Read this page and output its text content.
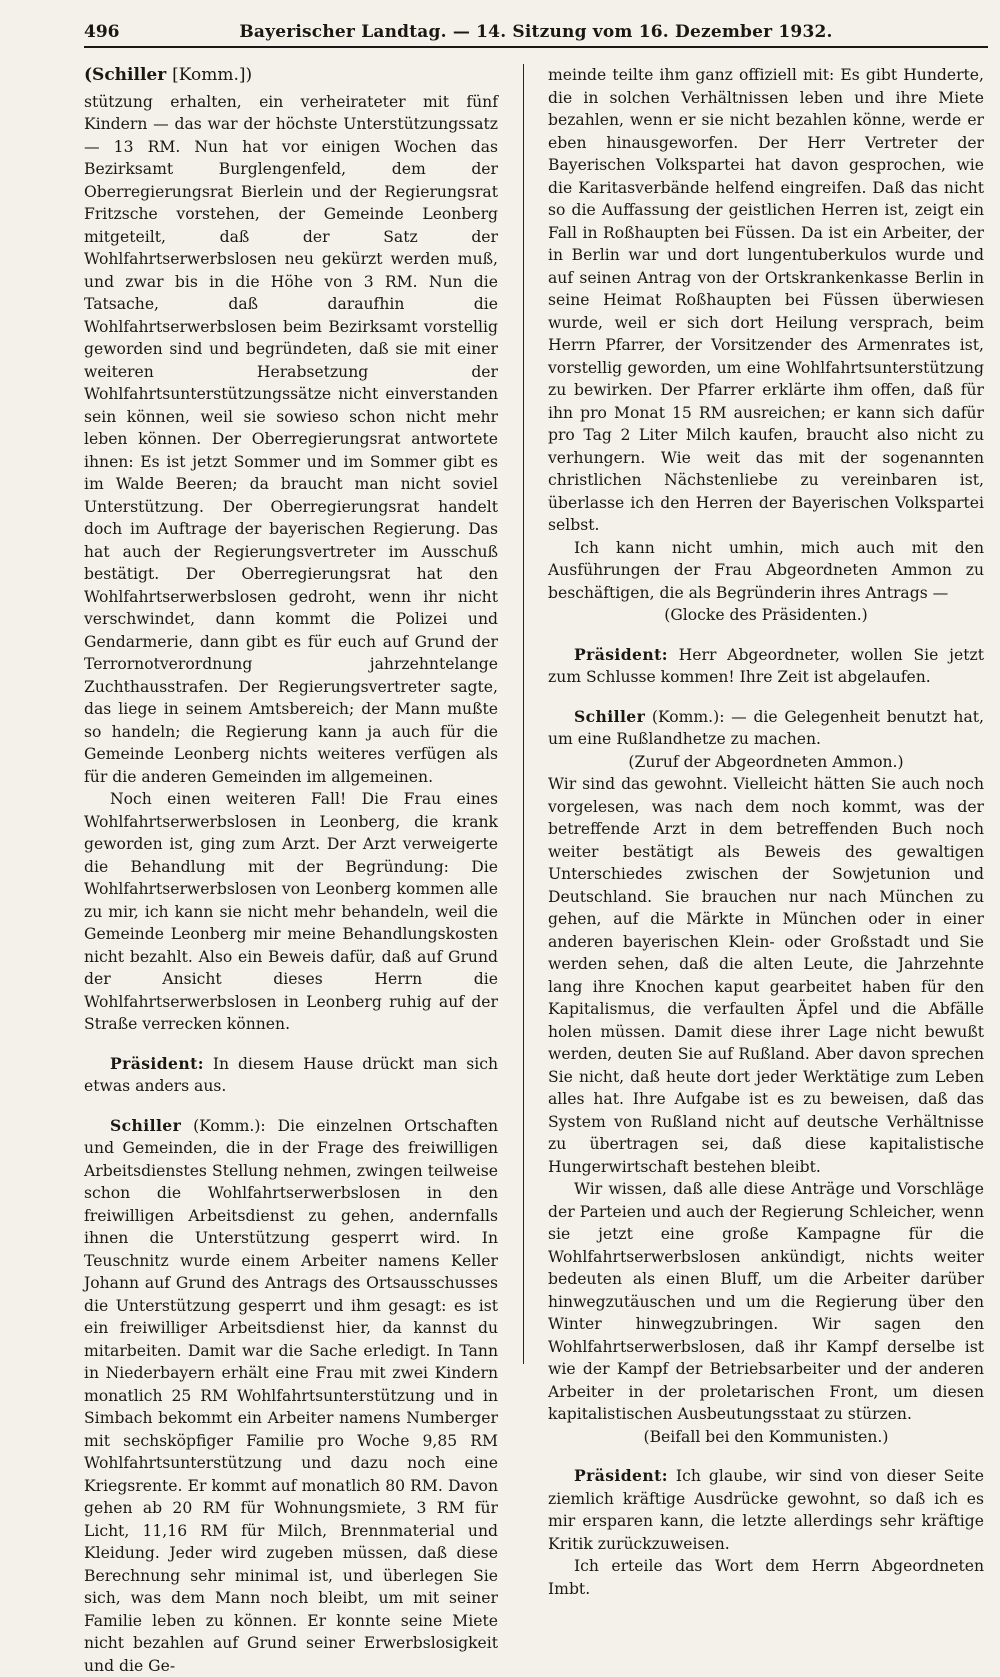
496	Bayerischer Landtag. — 14. Sitzung vom 16. Dezember 1932.
(Schiller [Komm.])

stützung erhalten, ein verheirateter mit fünf Kindern — das war der höchste Unterstützungssatz — 13 RM. Nun hat vor einigen Wochen das Bezirksamt Burglengenfeld, dem der Oberregierungsrat Bierlein und der Regierungsrat Fritzsche vorstehen, der Gemeinde Leonberg mitgeteilt, daß der Satz der Wohlfahrtserwerbslosen neu gekürzt werden muß, und zwar bis in die Höhe von 3 RM. Nun die Tatsache, daß daraufhin die Wohlfahrtserwerbslosen beim Bezirksamt vorstellig geworden sind und begründeten, daß sie mit einer weiteren Herabsetzung der Wohlfahrtsunterstützungssätze nicht einverstanden sein können, weil sie sowieso schon nicht mehr leben können. Der Oberregierungsrat antwortete ihnen: Es ist jetzt Sommer und im Sommer gibt es im Walde Beeren; da braucht man nicht soviel Unterstützung. Der Oberregierungsrat handelt doch im Auftrage der bayerischen Regierung. Das hat auch der Regierungsvertreter im Ausschuß bestätigt. Der Oberregierungsrat hat den Wohlfahrtserwerbslosen gedroht, wenn ihr nicht verschwindet, dann kommt die Polizei und Gendarmerie, dann gibt es für euch auf Grund der Terrornotverordnung jahrzehntelange Zuchthausstrafen. Der Regierungsvertreter sagte, das liege in seinem Amtsbereich; der Mann mußte so handeln; die Regierung kann ja auch für die Gemeinde Leonberg nichts weiteres verfügen als für die anderen Gemeinden im allgemeinen.

Noch einen weiteren Fall! Die Frau eines Wohlfahrtserwerbslosen in Leonberg, die krank geworden ist, ging zum Arzt. Der Arzt verweigerte die Behandlung mit der Begründung: Die Wohlfahrtserwerbslosen von Leonberg kommen alle zu mir, ich kann sie nicht mehr behandeln, weil die Gemeinde Leonberg mir meine Behandlungskosten nicht bezahlt. Also ein Beweis dafür, daß auf Grund der Ansicht dieses Herrn die Wohlfahrtserwerbslosen in Leonberg ruhig auf der Straße verrecken können.

Präsident: In diesem Hause drückt man sich etwas anders aus.

Schiller (Komm.): Die einzelnen Ortschaften und Gemeinden, die in der Frage des freiwilligen Arbeitsdienstes Stellung nehmen, zwingen teilweise schon die Wohlfahrtserwerbslosen in den freiwilligen Arbeitsdienst zu gehen, andernfalls ihnen die Unterstützung gesperrt wird. In Teuschnitz wurde einem Arbeiter namens Keller Johann auf Grund des Antrags des Ortsausschusses die Unterstützung gesperrt und ihm gesagt: es ist ein freiwilliger Arbeitsdienst hier, da kannst du mitarbeiten. Damit war die Sache erledigt. In Tann in Niederbayern erhält eine Frau mit zwei Kindern monatlich 25 RM Wohlfahrtsunterstützung und in Simbach bekommt ein Arbeiter namens Numberger mit sechsköpfiger Familie pro Woche 9,85 RM Wohlfahrtsunterstützung und dazu noch eine Kriegsrente. Er kommt auf monatlich 80 RM. Davon gehen ab 20 RM für Wohnungsmiete, 3 RM für Licht, 11,16 RM für Milch, Brennmaterial und Kleidung. Jeder wird zugeben müssen, daß diese Berechnung sehr minimal ist, und überlegen Sie sich, was dem Mann noch bleibt, um mit seiner Familie leben zu können. Er konnte seine Miete nicht bezahlen auf Grund seiner Erwerbslosigkeit und die Ge-

meinde teilte ihm ganz offiziell mit: Es gibt Hunderte, die in solchen Verhältnissen leben und ihre Miete bezahlen, wenn er sie nicht bezahlen könne, werde er eben hinausgeworfen. Der Herr Vertreter der Bayerischen Volkspartei hat davon gesprochen, wie die Karitasverbände helfend eingreifen. Daß das nicht so die Auffassung der geistlichen Herren ist, zeigt ein Fall in Roßhaupten bei Füssen. Da ist ein Arbeiter, der in Berlin war und dort lungentuberkulos wurde und auf seinen Antrag von der Ortskrankenkasse Berlin in seine Heimat Roßhaupten bei Füssen überwiesen wurde, weil er sich dort Heilung versprach, beim Herrn Pfarrer, der Vorsitzender des Armenrates ist, vorstellig geworden, um eine Wohlfahrtsunterstützung zu bewirken. Der Pfarrer erklärte ihm offen, daß für ihn pro Monat 15 RM ausreichen; er kann sich dafür pro Tag 2 Liter Milch kaufen, braucht also nicht zu verhungern. Wie weit das mit der sogenannten christlichen Nächstenliebe zu vereinbaren ist, überlasse ich den Herren der Bayerischen Volkspartei selbst.

Ich kann nicht umhin, mich auch mit den Ausführungen der Frau Abgeordneten Ammon zu beschäftigen, die als Begründerin ihres Antrags —

(Glocke des Präsidenten.)

Präsident: Herr Abgeordneter, wollen Sie jetzt zum Schlusse kommen! Ihre Zeit ist abgelaufen.

Schiller (Komm.): — die Gelegenheit benutzt hat, um eine Rußlandhetze zu machen.

(Zuruf der Abgeordneten Ammon.)

Wir sind das gewohnt. Vielleicht hätten Sie auch noch vorgelesen, was nach dem noch kommt, was der betreffende Arzt in dem betreffenden Buch noch weiter bestätigt als Beweis des gewaltigen Unterschiedes zwischen der Sowjetunion und Deutschland. Sie brauchen nur nach München zu gehen, auf die Märkte in München oder in einer anderen bayerischen Klein- oder Großstadt und Sie werden sehen, daß die alten Leute, die Jahrzehnte lang ihre Knochen kaput gearbeitet haben für den Kapitalismus, die verfaulten Äpfel und die Abfälle holen müssen. Damit diese ihrer Lage nicht bewußt werden, deuten Sie auf Rußland. Aber davon sprechen Sie nicht, daß heute dort jeder Werktätige zum Leben alles hat. Ihre Aufgabe ist es zu beweisen, daß das System von Rußland nicht auf deutsche Verhältnisse zu übertragen sei, daß diese kapitalistische Hungerwirtschaft bestehen bleibt.

Wir wissen, daß alle diese Anträge und Vorschläge der Parteien und auch der Regierung Schleicher, wenn sie jetzt eine große Kampagne für die Wohlfahrtserwerbslosen ankündigt, nichts weiter bedeuten als einen Bluff, um die Arbeiter darüber hinwegzutäuschen und um die Regierung über den Winter hinwegzubringen. Wir sagen den Wohlfahrtserwerbslosen, daß ihr Kampf derselbe ist wie der Kampf der Betriebsarbeiter und der anderen Arbeiter in der proletarischen Front, um diesen kapitalistischen Ausbeutungsstaat zu stürzen.

(Beifall bei den Kommunisten.)

Präsident: Ich glaube, wir sind von dieser Seite ziemlich kräftige Ausdrücke gewohnt, so daß ich es mir ersparen kann, die letzte allerdings sehr kräftige Kritik zurückzuweisen.

Ich erteile das Wort dem Herrn Abgeordneten Imbt.
